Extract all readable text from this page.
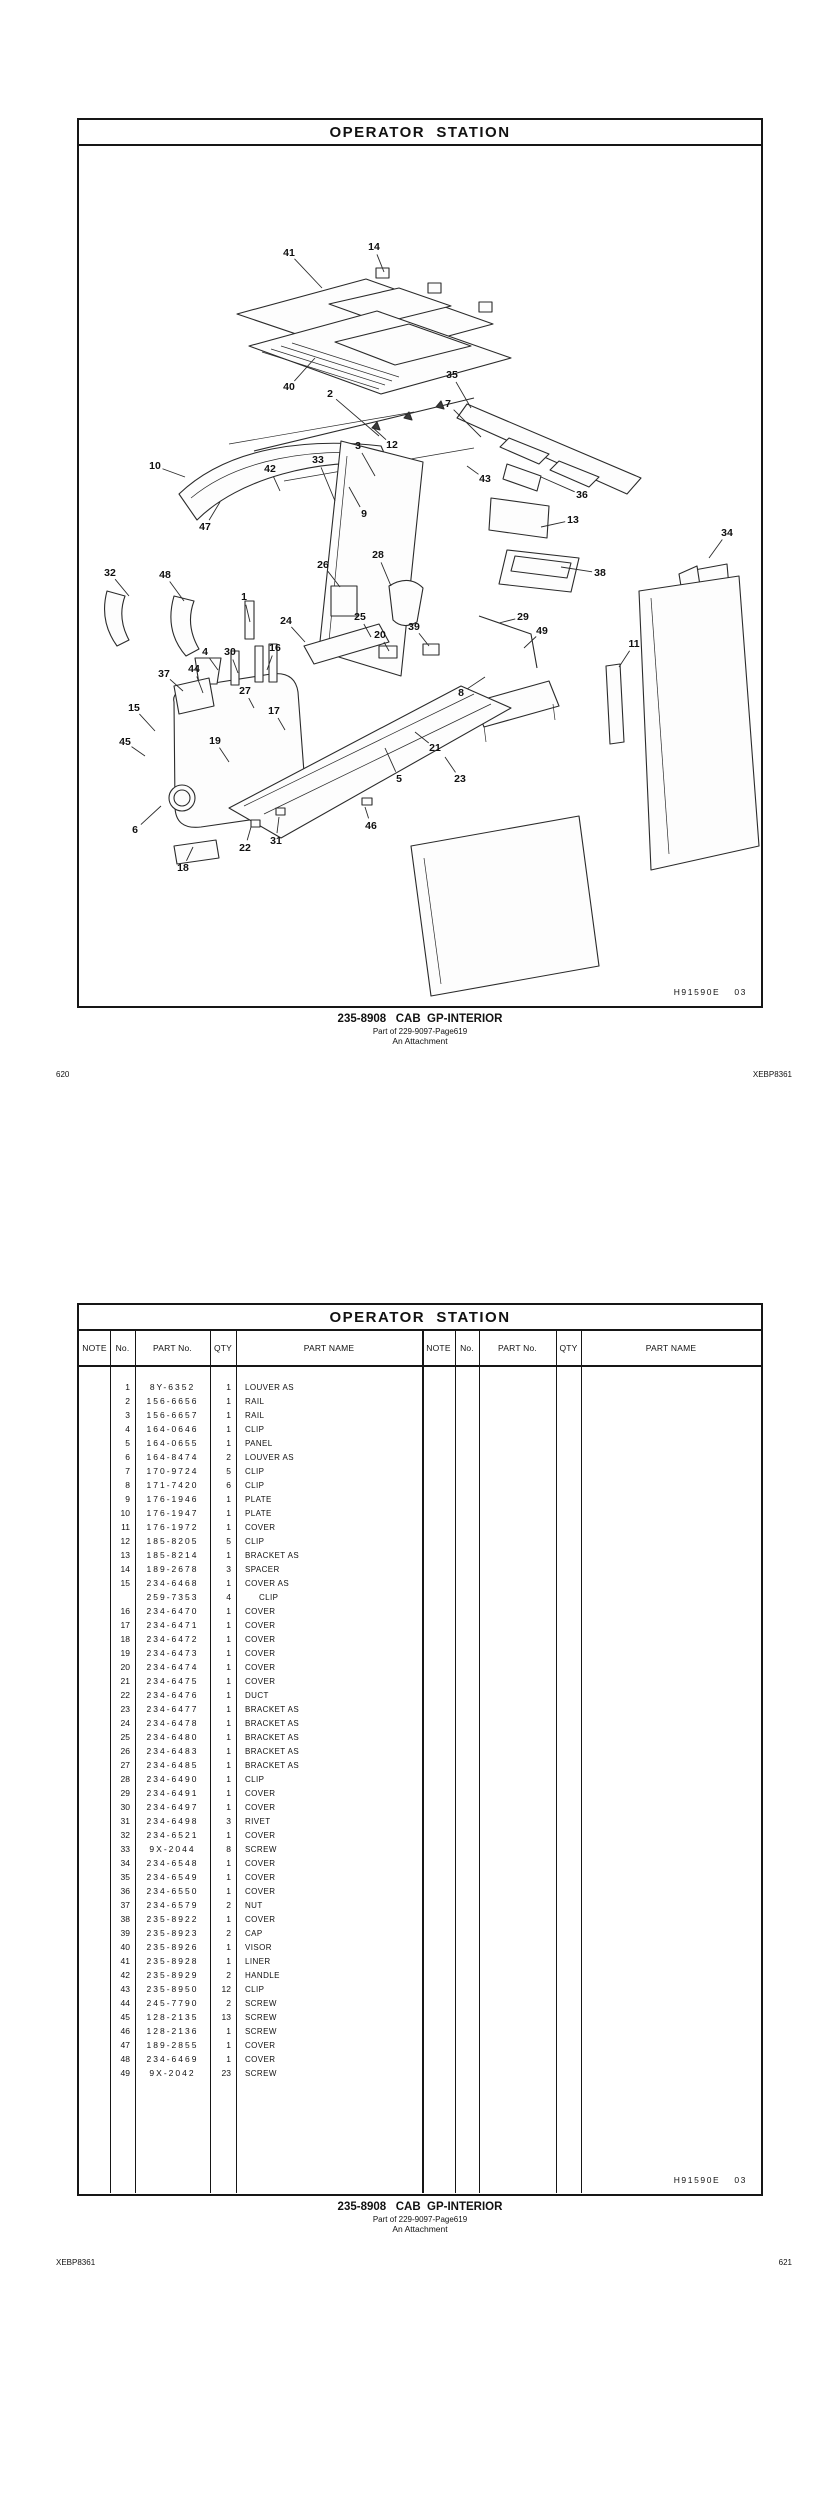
OPERATOR  STATION
41	14
40
2
35
7
12
10	42
33
3
9
47
43
36
13
34
38
32	48
1
26
28
24	25
20
39
29
49
11
8
4 30	16
37 44
27
17
15
45	19
6
18
22
31
46
21
5	23
H91590E 03
235-8908   CAB  GP-INTERIOR
Part of 229-9097-Page619
An Attachment
620	XEBP8361
OPERATOR  STATION
NOTE	No.	PART No.	QTY	PART NAME	NOTE	No.	PART No.	QTY	PART NAME
H91590E 03
1	8Y-6352	1	LOUVER AS
2	156-6656	1	RAIL
3	156-6657	1	RAIL
4	164-0646	1	CLIP
5	164-0655	1	PANEL
6	164-8474	2	LOUVER AS
7	170-9724	5	CLIP
8	171-7420	6	CLIP
9	176-1946	1	PLATE
10	176-1947	1	PLATE
11	176-1972	1	COVER
12	185-8205	5	CLIP
13	185-8214	1	BRACKET AS
14	189-2678	3	SPACER
15	234-6468	1	COVER AS
259-7353	4	CLIP
16	234-6470	1	COVER
17	234-6471	1	COVER
18	234-6472	1	COVER
19	234-6473	1	COVER
20	234-6474	1	COVER
21	234-6475	1	COVER
22	234-6476	1	DUCT
23	234-6477	1	BRACKET AS
24	234-6478	1	BRACKET AS
25	234-6480	1	BRACKET AS
26	234-6483	1	BRACKET AS
27	234-6485	1	BRACKET AS
28	234-6490	1	CLIP
29	234-6491	1	COVER
30	234-6497	1	COVER
31	234-6498	3	RIVET
32	234-6521	1	COVER
33	9X-2044	8	SCREW
34	234-6548	1	COVER
35	234-6549	1	COVER
36	234-6550	1	COVER
37	234-6579	2	NUT
38	235-8922	1	COVER
39	235-8923	2	CAP
40	235-8926	1	VISOR
41	235-8928	1	LINER
42	235-8929	2	HANDLE
43	235-8950	12	CLIP
44	245-7790	2	SCREW
45	128-2135	13	SCREW
46	128-2136	1	SCREW
47	189-2855	1	COVER
48	234-6469	1	COVER
49	9X-2042	23	SCREW
235-8908   CAB  GP-INTERIOR
Part of 229-9097-Page619
An Attachment
XEBP8361	621
